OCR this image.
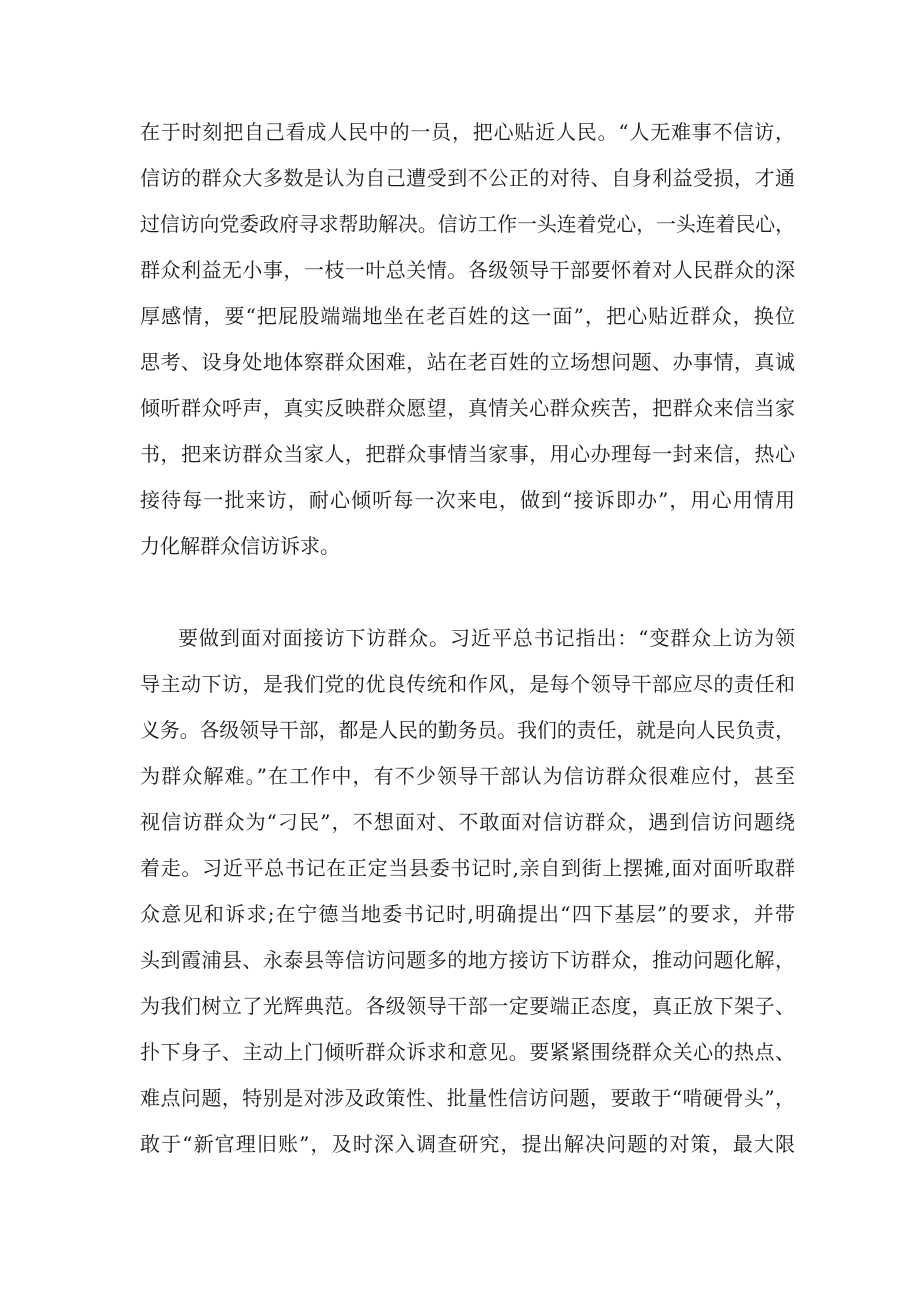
在于时刻把自己看成人民中的一员，把心贴近人民。“人无难事不信访，
信访的群众大多数是认为自己遭受到不公正的对待、自身利益受损，才通
过信访向党委政府寻求帮助解决。信访工作一头连着党心，一头连着民心，
群众利益无小事，一枝一叶总关情。各级领导干部要怀着对人民群众的深
厚感情，要“把屁股端端地坐在老百姓的这一面”，把心贴近群众，换位
思考、设身处地体察群众困难，站在老百姓的立场想问题、办事情，真诚
倾听群众呼声，真实反映群众愿望，真情关心群众疾苦，把群众来信当家
书，把来访群众当家人，把群众事情当家事，用心办理每一封来信，热心
接待每一批来访，耐心倾听每一次来电，做到“接诉即办”，用心用情用
力化解群众信访诉求。
要做到面对面接访下访群众。习近平总书记指出：“变群众上访为领
导主动下访，是我们党的优良传统和作风，是每个领导干部应尽的责任和
义务。各级领导干部，都是人民的勤务员。我们的责任，就是向人民负责，
为群众解难。”在工作中，有不少领导干部认为信访群众很难应付，甚至
视信访群众为“刁民”，不想面对、不敢面对信访群众，遇到信访问题绕
着走。习近平总书记在正定当县委书记时,亲自到街上摆摊,面对面听取群
众意见和诉求;在宁德当地委书记时,明确提出“四下基层”的要求，并带
头到霞浦县、永泰县等信访问题多的地方接访下访群众，推动问题化解，
为我们树立了光辉典范。各级领导干部一定要端正态度，真正放下架子、
扑下身子、主动上门倾听群众诉求和意见。要紧紧围绕群众关心的热点、
难点问题，特别是对涉及政策性、批量性信访问题，要敢于“啃硬骨头”，
敢于“新官理旧账”，及时深入调查研究，提出解决问题的对策，最大限
